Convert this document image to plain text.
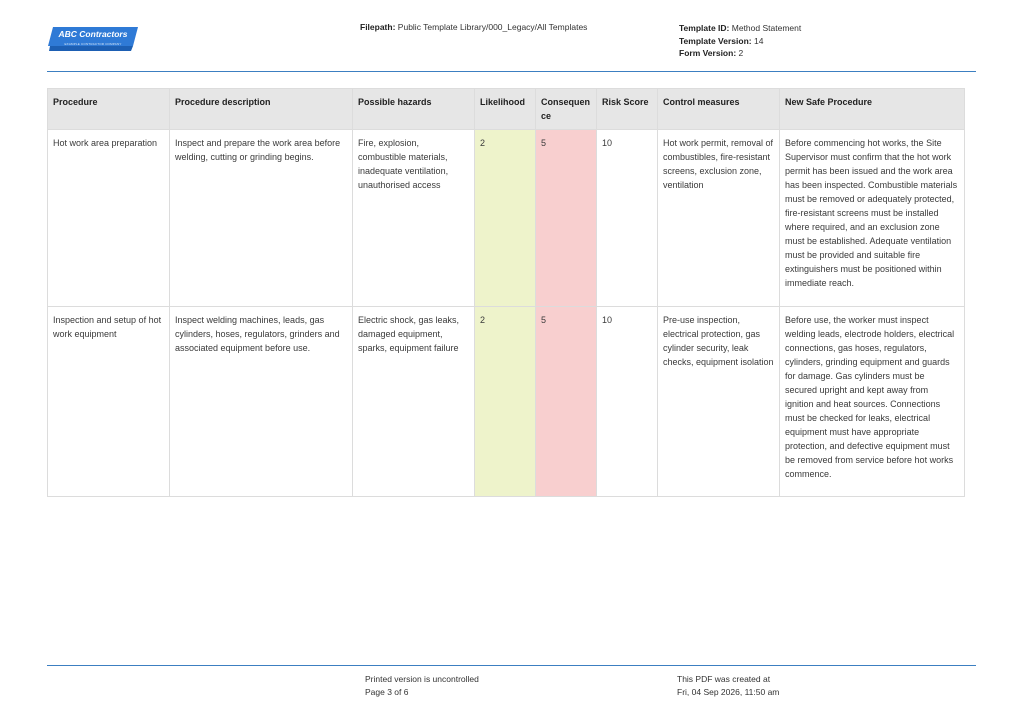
ABC Contractors
EXAMPLE CONTRACTOR COMPANY
Filepath: Public Template Library/000_Legacy/All Templates	Template ID: Method Statement
Template Version: 14
Form Version: 2
Procedure	Procedure description	Possible hazards	Likelihood	Consequen ce	Risk Score	Control measures	New Safe Procedure
Hot work area preparation	Inspect and prepare the work area before welding, cutting or grinding begins.	Fire, explosion, combustible materials, inadequate ventilation, unauthorised access	2	5	10	Hot work permit, removal of combustibles, fire-resistant screens, exclusion zone, ventilation	Before commencing hot works, the Site Supervisor must confirm that the hot work permit has been issued and the work area has been inspected. Combustible materials must be removed or adequately protected, fire-resistant screens must be installed where required, and an exclusion zone must be established. Adequate ventilation must be provided and suitable fire extinguishers must be positioned within immediate reach.
Inspection and setup of hot work equipment	Inspect welding machines, leads, gas cylinders, hoses, regulators, grinders and associated equipment before use.	Electric shock, gas leaks, damaged equipment, sparks, equipment failure	2	5	10	Pre-use inspection, electrical protection, gas cylinder security, leak checks, equipment isolation	Before use, the worker must inspect welding leads, electrode holders, electrical connections, gas hoses, regulators, cylinders, grinding equipment and guards for damage. Gas cylinders must be secured upright and kept away from ignition and heat sources. Connections must be checked for leaks, electrical equipment must have appropriate protection, and defective equipment must be removed from service before hot works commence.
Printed version is uncontrolled
Page 3 of 6
This PDF was created at
Fri, 04 Sep 2026, 11:50 am
